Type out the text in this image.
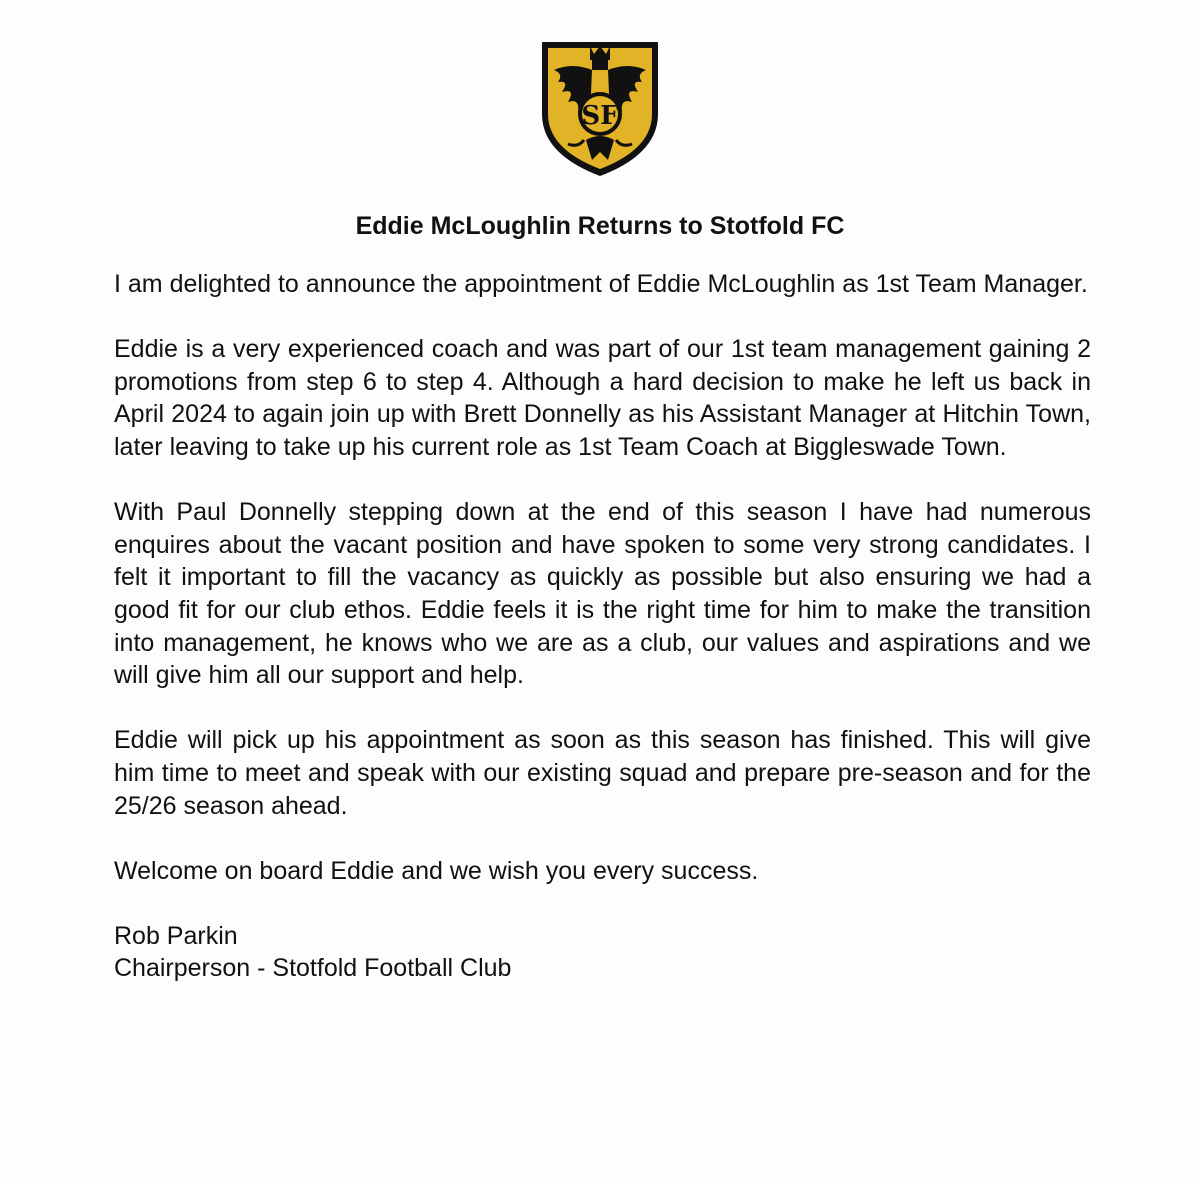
SF
Eddie McLoughlin Returns to Stotfold FC

I am delighted to announce the appointment of Eddie McLoughlin as 1st Team Manager.

Eddie is a very experienced coach and was part of our 1st team management gaining 2 promotions from step 6 to step 4. Although a hard decision to make he left us back in April 2024 to again join up with Brett Donnelly as his Assistant Manager at Hitchin Town, later leaving to take up his current role as 1st Team Coach at Biggleswade Town.

With Paul Donnelly stepping down at the end of this season I have had numerous enquires about the vacant position and have spoken to some very strong candidates. I felt it important to fill the vacancy as quickly as possible but also ensuring we had a good fit for our club ethos. Eddie feels it is the right time for him to make the transition into management, he knows who we are as a club, our values and aspirations and we will give him all our support and help.

Eddie will pick up his appointment as soon as this season has finished. This will give him time to meet and speak with our existing squad and prepare pre-season and for the 25/26 season ahead.

Welcome on board Eddie and we wish you every success.

Rob Parkin
Chairperson - Stotfold Football Club
